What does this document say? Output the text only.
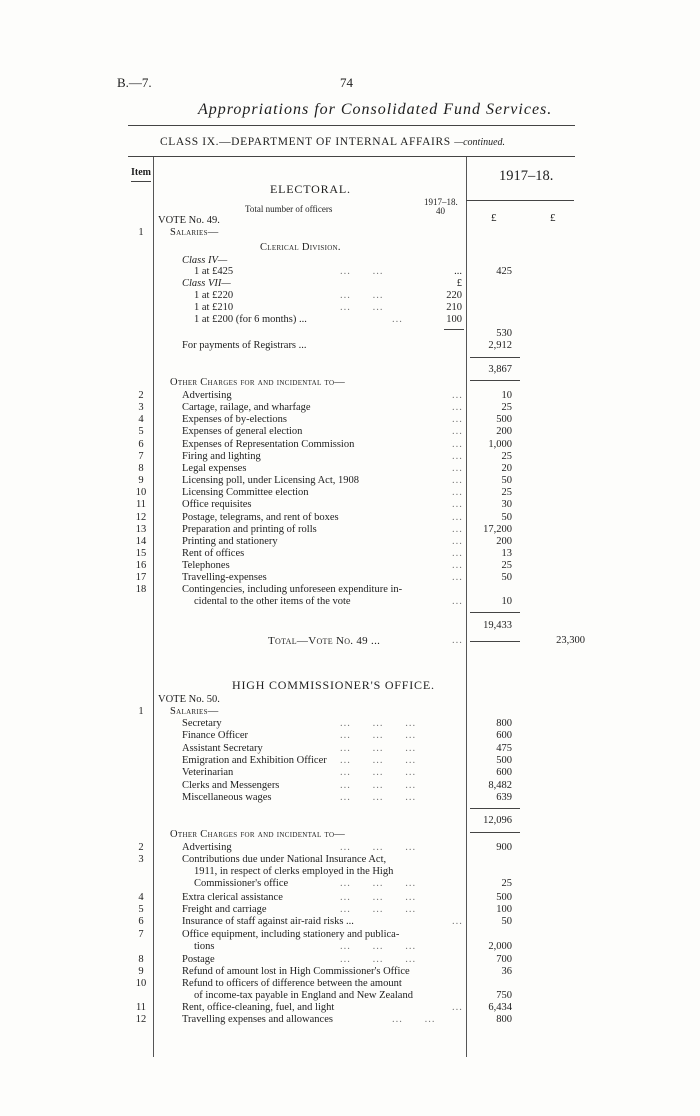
B.—7.	74
Appropriations for Consolidated Fund Services.
CLASS IX.—DEPARTMENT OF INTERNAL AFFAIRS —continued.
Item	1917–18.
£	£
ELECTORAL.
Total number of officers
1917–18.
40
VOTE No. 49.
1	Salaries—
Clerical Division.
Class IV—
1 at £425	...      ...	...	425
Class VII—	£
1 at £220	...      ...	220
1 at £210	...      ...	210
1 at £200 (for 6 months) ...	...	100
530
For payments of Registrars ...	2,912
3,867
Other Charges for and incidental to—
2	Advertising	...	10
3	Cartage, railage, and wharfage	...	25
4	Expenses of by-elections	...	500
5	Expenses of general election	...	200
6	Expenses of Representation Commission	... 1,000
7	Firing and lighting	...	25
8	Legal expenses	...	20
9	Licensing poll, under Licensing Act, 1908	...	50
10	Licensing Committee election	...	25
11	Office requisites	...	30
12	Postage, telegrams, and rent of boxes	...	50
13	Preparation and printing of rolls	... 17,200
14	Printing and stationery	...	200
15	Rent of offices	...	13
16	Telephones	...	25
17	Travelling-expenses	...	50
18	Contingencies, including unforeseen expenditure in-
cidental to the other items of the vote	...	10
19,433
Total—Vote No. 49 ...	...	23,300
HIGH COMMISSIONER'S OFFICE.
VOTE No. 50.
1	Salaries—
Secretary	...      ...      ...	800
Finance Officer	...      ...      ...	600
Assistant Secretary	...      ...      ...	475
Emigration and Exhibition Officer ...      ...      ...	500
Veterinarian	...      ...      ...	600
Clerks and Messengers	...      ...      ...	8,482
Miscellaneous wages	...      ...      ...	639
12,096
Other Charges for and incidental to—
2	Advertising	...      ...      ...	900
3	Contributions due under National Insurance Act,
1911, in respect of clerks employed in the High
Commissioner's office	...      ...      ...	25
4	Extra clerical assistance	...      ...      ...	500
5	Freight and carriage	...      ...      ...	100
6	Insurance of staff against air-raid risks ...	...	50
7	Office equipment, including stationery and publica-
tions	...      ...      ...	2,000
8	Postage	...      ...      ...	700
9	Refund of amount lost in High Commissioner's Office	36
10	Refund to officers of difference between the amount
of income-tax payable in England and New Zealand	750
11	Rent, office-cleaning, fuel, and light	... 6,434
12	Travelling expenses and allowances	...      ...	800
